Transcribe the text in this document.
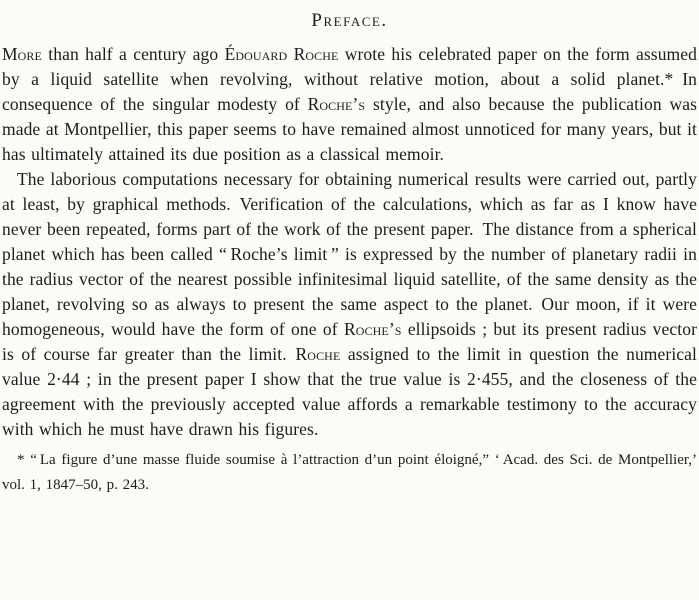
Preface.

More than half a century ago Édouard Roche wrote his celebrated paper on the form assumed by a liquid satellite when revolving, without relative motion, about a solid planet.* In consequence of the singular modesty of Roche’s style, and also because the publication was made at Montpellier, this paper seems to have remained almost unnoticed for many years, but it has ultimately attained its due position as a classical memoir.

The laborious computations necessary for obtaining numerical results were carried out, partly at least, by graphical methods. Verification of the calculations, which as far as I know have never been repeated, forms part of the work of the present paper. The distance from a spherical planet which has been called “ Roche’s limit ” is expressed by the number of planetary radii in the radius vector of the nearest possible infinitesimal liquid satellite, of the same density as the planet, revolving so as always to present the same aspect to the planet. Our moon, if it were homogeneous, would have the form of one of Roche’s ellipsoids ; but its present radius vector is of course far greater than the limit. Roche assigned to the limit in question the numerical value 2·44 ; in the present paper I show that the true value is 2·455, and the closeness of the agreement with the previously accepted value affords a remarkable testimony to the accuracy with which he must have drawn his figures.

* “ La figure d’une masse fluide soumise à l’attraction d’un point éloigné,” ‘ Acad. des Sci. de Montpellier,’ vol. 1, 1847–50, p. 243.
